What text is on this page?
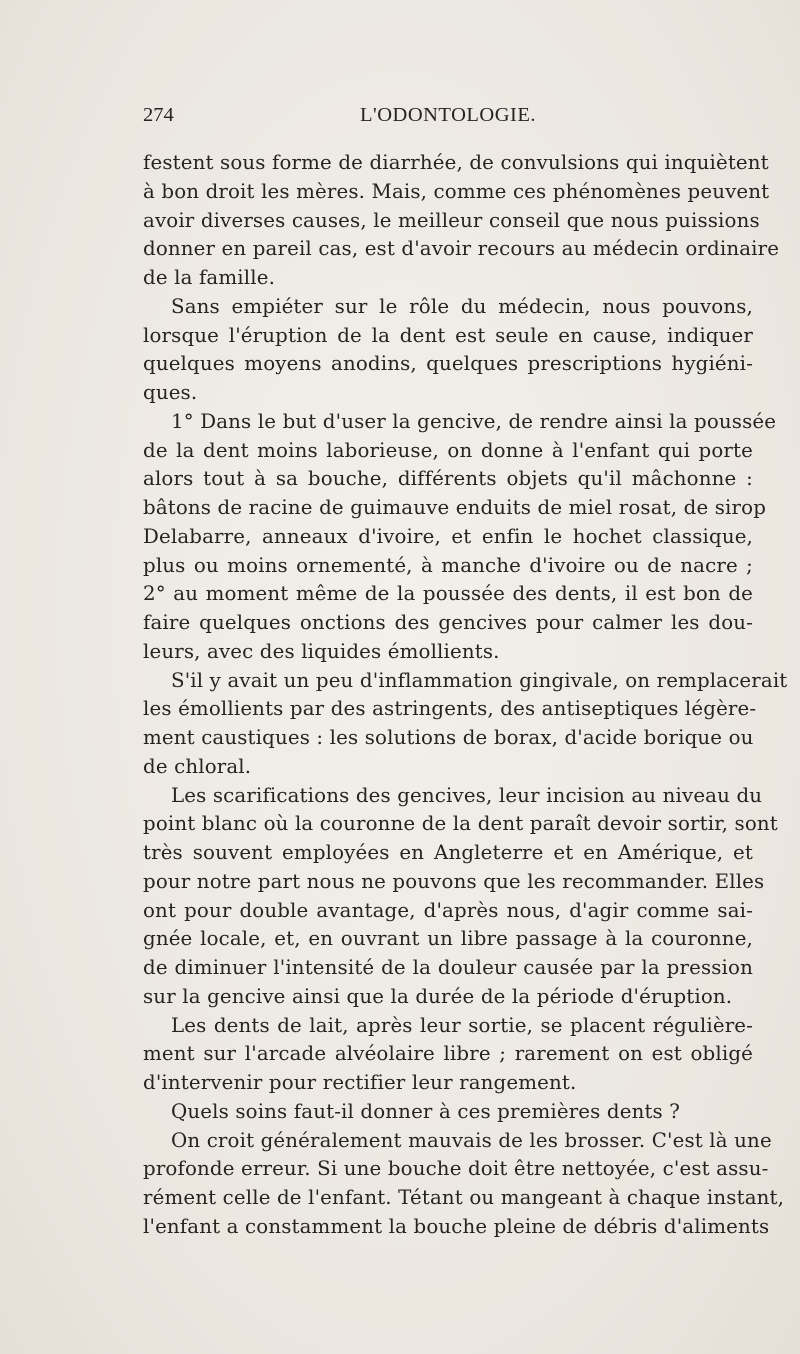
274	L'ODONTOLOGIE.
festent sous forme de diarrhée, de convulsions qui inquiètent
à bon droit les mères. Mais, comme ces phénomènes peuvent
avoir diverses causes, le meilleur conseil que nous puissions
donner en pareil cas, est d'avoir recours au médecin ordinaire
de la famille.
Sans empiéter sur le rôle du médecin, nous pouvons,
lorsque l'éruption de la dent est seule en cause, indiquer
quelques moyens anodins, quelques prescriptions hygiéni-
ques.
1° Dans le but d'user la gencive, de rendre ainsi la poussée
de la dent moins laborieuse, on donne à l'enfant qui porte
alors tout à sa bouche, différents objets qu'il mâchonne :
bâtons de racine de guimauve enduits de miel rosat, de sirop
Delabarre, anneaux d'ivoire, et enfin le hochet classique,
plus ou moins ornementé, à manche d'ivoire ou de nacre ;
2° au moment même de la poussée des dents, il est bon de
faire quelques onctions des gencives pour calmer les dou-
leurs, avec des liquides émollients.
S'il y avait un peu d'inflammation gingivale, on remplacerait
les émollients par des astringents, des antiseptiques légère-
ment caustiques : les solutions de borax, d'acide borique ou
de chloral.
Les scarifications des gencives, leur incision au niveau du
point blanc où la couronne de la dent paraît devoir sortir, sont
très souvent employées en Angleterre et en Amérique, et
pour notre part nous ne pouvons que les recommander. Elles
ont pour double avantage, d'après nous, d'agir comme sai-
gnée locale, et, en ouvrant un libre passage à la couronne,
de diminuer l'intensité de la douleur causée par la pression
sur la gencive ainsi que la durée de la période d'éruption.
Les dents de lait, après leur sortie, se placent régulière-
ment sur l'arcade alvéolaire libre ; rarement on est obligé
d'intervenir pour rectifier leur rangement.
Quels soins faut-il donner à ces premières dents ?
On croit généralement mauvais de les brosser. C'est là une
profonde erreur. Si une bouche doit être nettoyée, c'est assu-
rément celle de l'enfant. Tétant ou mangeant à chaque instant,
l'enfant a constamment la bouche pleine de débris d'aliments
